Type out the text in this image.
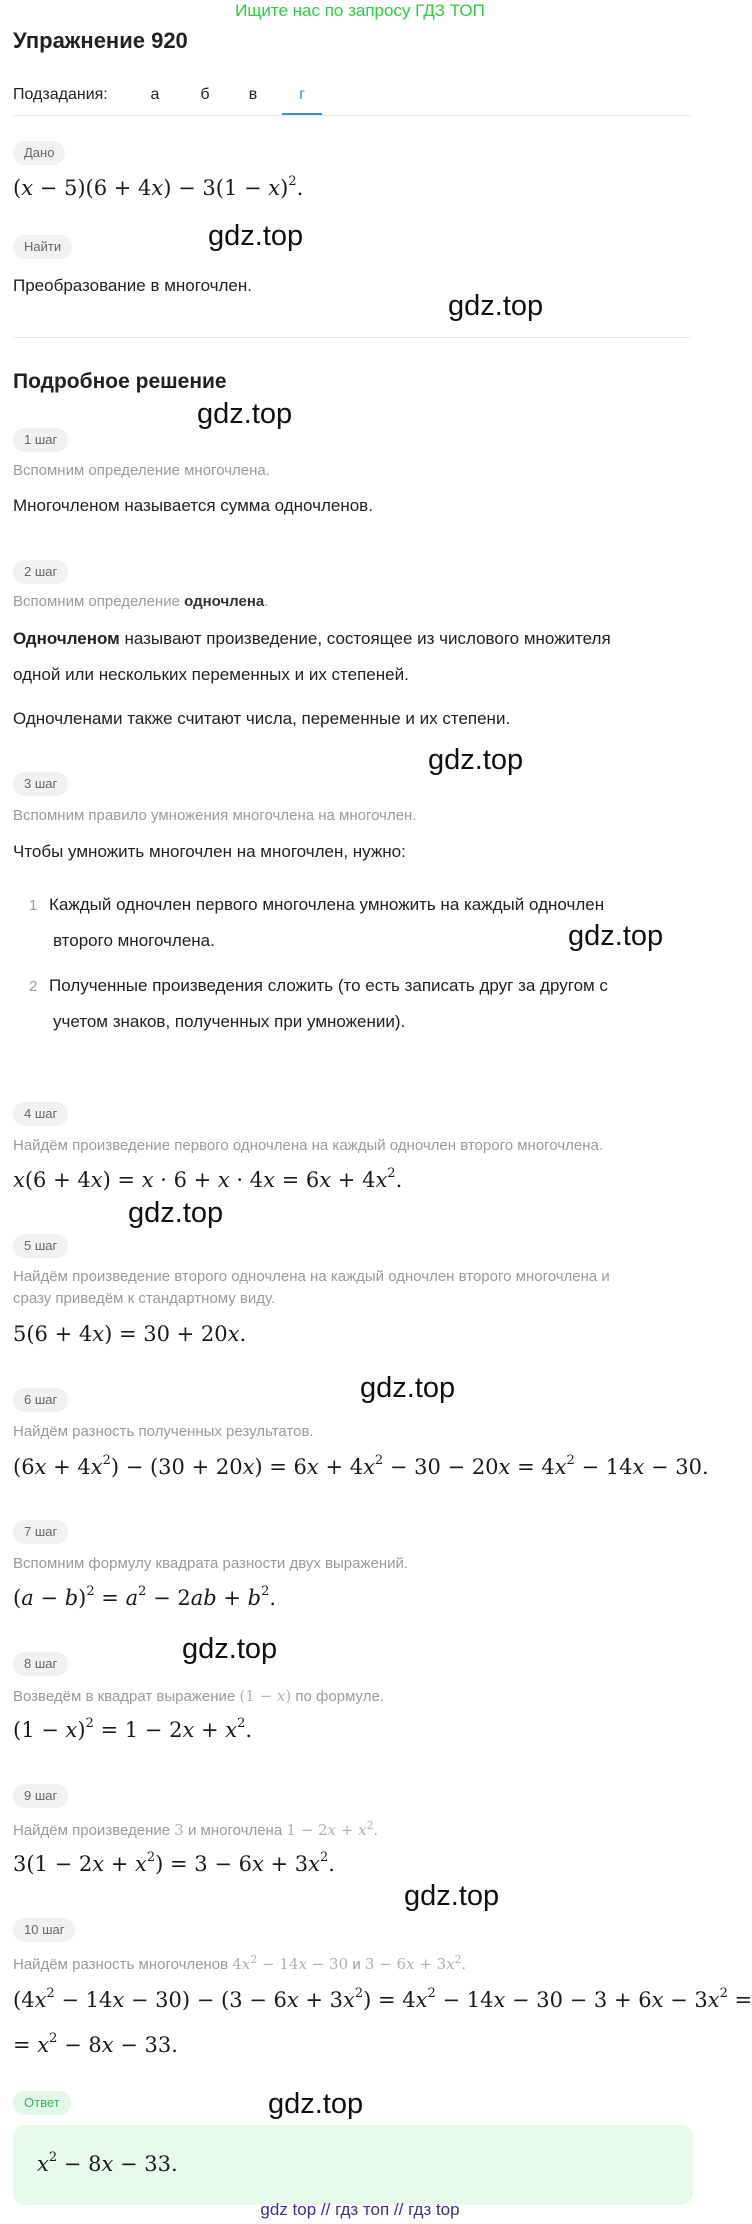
Ищите нас по запросу ГДЗ ТОП
Упражнение 920
Подзадания:	а	б	в	г
Дано
$(x - 5)(6 + 4x) - 3(1 - x)^2$.
Найти
Преобразование в многочлен.
Подробное решение
1 шаг
Вспомним определение многочлена.
Многочленом называется сумма одночленов.
2 шаг
Вспомним определение одночлена.
Одночленом называют произведение, состоящее из числового множителя
одной или нескольких переменных и их степеней.
Одночленами также считают числа, переменные и их степени.
3 шаг
Вспомним правило умножения многочлена на многочлен.
Чтобы умножить многочлен на многочлен, нужно:
1 Каждый одночлен первого многочлена умножить на каждый одночлен
второго многочлена.
2 Полученные произведения сложить (то есть записать друг за другом с
учетом знаков, полученных при умножении).
4 шаг
Найдём произведение первого одночлена на каждый одночлен второго многочлена.
$x(6 + 4x) = x \cdot 6 + x \cdot 4x = 6x + 4x^2$.
5 шаг
Найдём произведение второго одночлена на каждый одночлен второго многочлена и
сразу приведём к стандартному виду.
5(6 + 4x) = 30 + 20x.
6 шаг
Найдём разность полученных результатов.
$(6x + 4x^2) - (30 + 20x) = 6x + 4x^2 - 30 - 20x = 4x^2 - 14x - 30$.
7 шаг
Вспомним формулу квадрата разности двух выражений.
$(a - b)^2 = a^2 - 2ab + b^2$.
8 шаг
Возведём в квадрат выражение (1 − x) по формуле.
$(1 - x)^2 = 1 - 2x + x^2$.
9 шаг
Найдём произведение 3 и многочлена $1 - 2x + x^2$.
$3(1 - 2x + x^2) = 3 - 6x + 3x^2$.
10 шаг
Найдём разность многочленов $4x^2 - 14x - 30$ и $3 - 6x + 3x^2$.
$(4x^2 - 14x - 30) - (3 - 6x + 3x^2) = 4x^2 - 14x - 30 - 3 + 6x - 3x^2$ =
= $x^2 - 8x - 33$.
Ответ
$x^2 - 8x - 33$.
gdz.top
gdz.top
gdz.top
gdz.top
gdz.top
gdz.top
gdz.top
gdz.top
gdz.top
gdz.top
gdz top // гдз топ // гдз top
